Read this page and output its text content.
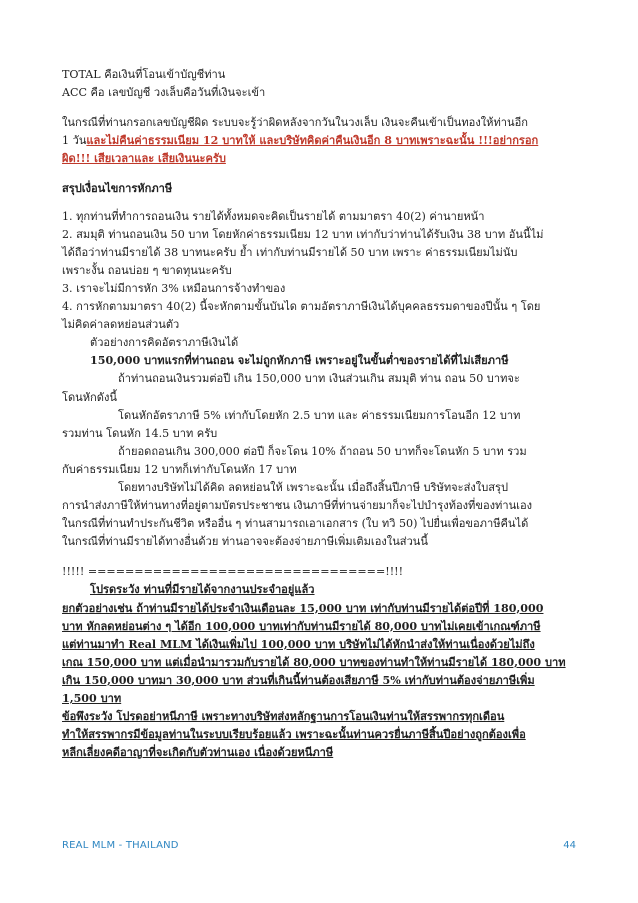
TOTAL คือเงินที่โอนเข้าบัญชีท่าน

ACC คือ เลขบัญชี วงเล็บคือวันที่เงินจะเข้า

ในกรณีที่ท่านกรอกเลขบัญชีผิด ระบบจะรู้ว่าผิดหลังจากวันในวงเล็บ เงินจะคืนเข้าเป็นทองให้ท่านอีก

1 วันและไม่คืนค่าธรรมเนียม 12 บาทให้ และบริษัทคิดค่าคืนเงินอีก 8 บาทเพราะฉะนั้น !!!อย่ากรอก

ผิด!!! เสียเวลาและ เสียเงินนะครับ

สรุปเงื่อนไขการหักภาษี

1. ทุกท่านที่ทำการถอนเงิน รายได้ทั้งหมดจะคิดเป็นรายได้ ตามมาตรา 40(2) ค่านายหน้า

2. สมมุติ ท่านถอนเงิน 50 บาท โดยหักค่าธรรมเนียม 12 บาท เท่ากับว่าท่านได้รับเงิน 38 บาท อันนี้ไม่

ได้ถือว่าท่านมีรายได้ 38 บาทนะครับ ย้ำ เท่ากับท่านมีรายได้ 50 บาท เพราะ ค่าธรรมเนียมไม่นับ

เพราะงั้น ถอนบ่อย ๆ ขาดทุนนะครับ

3. เราจะไม่มีการหัก 3% เหมือนการจ้างทำของ

4. การหักตามมาตรา 40(2) นี้จะหักตามขั้นบันได ตามอัตราภาษีเงินได้บุคคลธรรมดาของปีนั้น ๆ โดย

ไม่คิดค่าลดหย่อนส่วนตัว

ตัวอย่างการคิดอัตราภาษีเงินได้

150,000 บาทแรกที่ท่านถอน จะไม่ถูกหักภาษี เพราะอยู่ในขั้นต่ำของรายได้ที่ไม่เสียภาษี

ถ้าท่านถอนเงินรวมต่อปี เกิน 150,000 บาท เงินส่วนเกิน สมมุติ ท่าน ถอน 50 บาทจะ

โดนหักดังนี้

โดนหักอัตราภาษี 5% เท่ากับโดยหัก 2.5 บาท และ ค่าธรรมเนียมการโอนอีก 12 บาท

รวมท่าน โดนหัก 14.5 บาท ครับ

ถ้ายอดถอนเกิน 300,000 ต่อปี ก็จะโดน 10% ถ้าถอน 50 บาทก็จะโดนหัก 5 บาท รวม

กับค่าธรรมเนียม 12 บาทก็เท่ากับโดนหัก 17 บาท

โดยทางบริษัทไม่ได้คิด ลดหย่อนให้ เพราะฉะนั้น เมื่อถึงสิ้นปีภาษี บริษัทจะส่งใบสรุป

การนำส่งภาษีให้ท่านทางที่อยู่ตามบัตรประชาชน เงินภาษีที่ท่านจ่ายมาก็จะไปบำรุงท้องที่ของท่านเอง

ในกรณีที่ท่านทำประกันชีวิต หรืออื่น ๆ ท่านสามารถเอาเอกสาร (ใบ ทวิ 50) ไปยื่นเพื่อขอภาษีคืนได้

ในกรณีที่ท่านมีรายได้ทางอื่นด้วย ท่านอาจจะต้องจ่ายภาษีเพิ่มเติมเองในส่วนนี้

!!!!! ================================!!!!

โปรดระวัง ท่านที่มีรายได้จากงานประจำอยู่แล้ว

ยกตัวอย่างเช่น ถ้าท่านมีรายได้ประจำเงินเดือนละ 15,000 บาท เท่ากับท่านมีรายได้ต่อปีที่ 180,000

บาท หักลดหย่อนต่าง ๆ ได้อีก 100,000 บาทเท่ากับท่านมีรายได้ 80,000 บาทไม่เคยเข้าเกณฑ์ภาษี

แต่ท่านมาทำ Real MLM ได้เงินเพิ่มไป 100,000 บาท บริษัทไม่ได้หักนำส่งให้ท่านเนื่องด้วยไม่ถึง

เกณ 150,000 บาท แต่เมื่อนำมารวมกับรายได้ 80,000 บาทของท่านทำให้ท่านมีรายได้ 180,000 บาท

เกิน 150,000 บาทมา 30,000 บาท ส่วนที่เกินนี้ท่านต้องเสียภาษี 5% เท่ากับท่านต้องจ่ายภาษีเพิ่ม

1,500 บาท

ข้อพึงระวัง โปรดอย่าหนีภาษี เพราะทางบริษัทส่งหลักฐานการโอนเงินท่านให้สรรพากรทุกเดือน

ทำให้สรรพากรมีข้อมูลท่านในระบบเรียบร้อยแล้ว เพราะฉะนั้นท่านควรยื่นภาษีสิ้นปีอย่างถูกต้องเพื่อ

หลีกเลี่ยงคดีอาญาที่จะเกิดกับตัวท่านเอง เนื่องด้วยหนีภาษี

REAL MLM - THAILAND	44
